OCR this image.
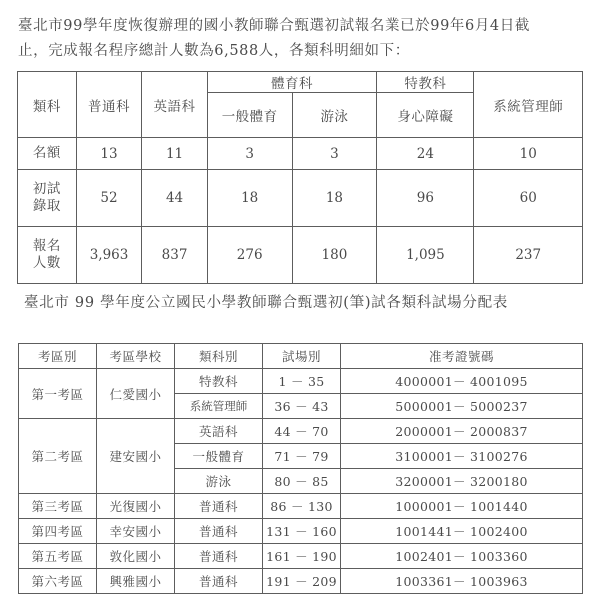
臺北市99學年度恢復辦理的國小教師聯合甄選初試報名業已於99年6月4日截
止，完成報名程序總計人數為6,588人，各類科明細如下：
類科	普通科	英語科	體育科		特教科	系統管理師
			一般體育	游泳	身心障礙	
名額	13	11	3	3	24	10

初試
錄取	52	44	18	18	96	60

報名
人數	3,963	837	276	180	1,095	237
臺北市 99 學年度公立國民小學教師聯合甄選初(筆)試各類科試場分配表
考區別	考區學校	類科別	試場別	准考證號碼
第一考區	仁愛國小	特教科	1 － 35	4000001－ 4001095
		系統管理師	36 － 43	5000001－ 5000237
第二考區	建安國小	英語科	44 － 70	2000001－ 2000837
		一般體育	71 － 79	3100001－ 3100276
		游泳	80 － 85	3200001－ 3200180
第三考區	光復國小	普通科	86 － 130	1000001－ 1001440
第四考區	幸安國小	普通科	131 － 160	1001441－ 1002400
第五考區	敦化國小	普通科	161 － 190	1002401－ 1003360
第六考區	興雅國小	普通科	191 － 209	1003361－ 1003963
